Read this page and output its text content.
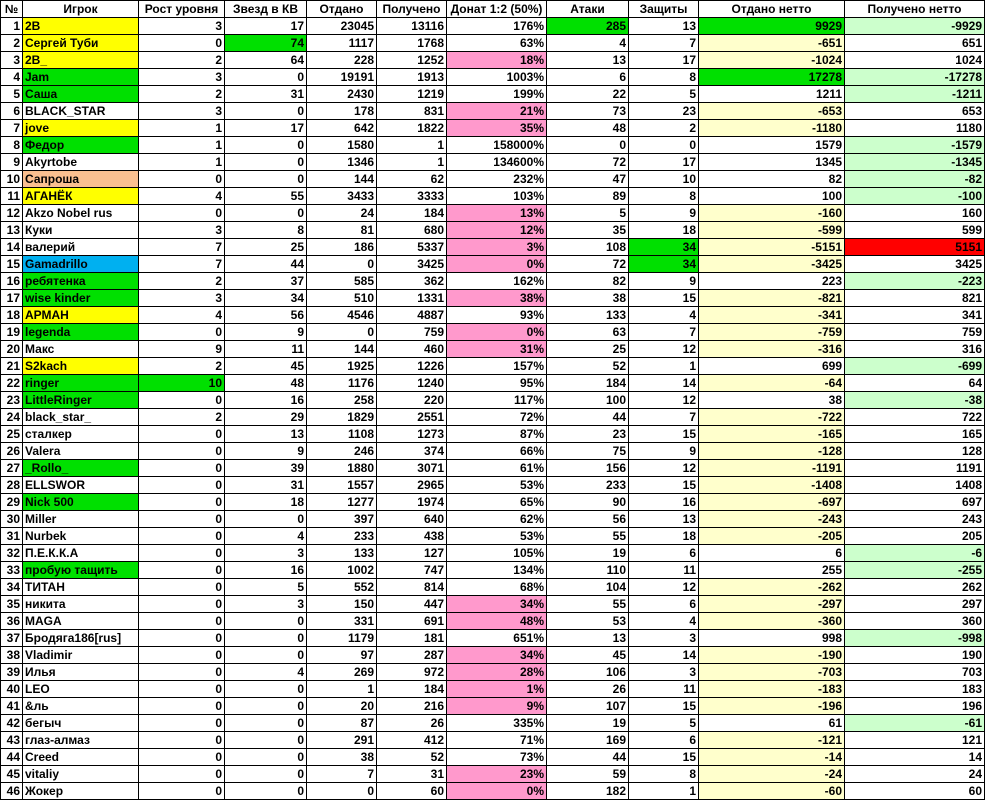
№	Игрок	Рост уровня	Звезд в КВ	Отдано	Получено	Донат 1:2 (50%)	Атаки	Защиты	Отдано нетто	Получено нетто
1	2B	3	17	23045	13116	176%	285	13	9929	-9929
2	Сергей Туби	0	74	1117	1768	63%	4	7	-651	651
3	2B_	2	64	228	1252	18%	13	17	-1024	1024
4	Jam	3	0	19191	1913	1003%	6	8	17278	-17278
5	Саша	2	31	2430	1219	199%	22	5	1211	-1211
6	BLACK_STAR	3	0	178	831	21%	73	23	-653	653
7	jove	1	17	642	1822	35%	48	2	-1180	1180
8	Федор	1	0	1580	1	158000%	0	0	1579	-1579
9	Akyrtobe	1	0	1346	1	134600%	72	17	1345	-1345
10	Сапроша	0	0	144	62	232%	47	10	82	-82
11	АГАНЁК	4	55	3433	3333	103%	89	8	100	-100
12	Akzo Nobel rus	0	0	24	184	13%	5	9	-160	160
13	Куки	3	8	81	680	12%	35	18	-599	599
14	валерий	7	25	186	5337	3%	108	34	-5151	5151
15	Gamadrillo	7	44	0	3425	0%	72	34	-3425	3425
16	ребятенка	2	37	585	362	162%	82	9	223	-223
17	wise kinder	3	34	510	1331	38%	38	15	-821	821
18	АРМАН	4	56	4546	4887	93%	133	4	-341	341
19	legenda	0	9	0	759	0%	63	7	-759	759
20	Макс	9	11	144	460	31%	25	12	-316	316
21	S2kach	2	45	1925	1226	157%	52	1	699	-699
22	ringer	10	48	1176	1240	95%	184	14	-64	64
23	LittleRinger	0	16	258	220	117%	100	12	38	-38
24	black_star_	2	29	1829	2551	72%	44	7	-722	722
25	сталкер	0	13	1108	1273	87%	23	15	-165	165
26	Valera	0	9	246	374	66%	75	9	-128	128
27	_Rollo_	0	39	1880	3071	61%	156	12	-1191	1191
28	ELLSWOR	0	31	1557	2965	53%	233	15	-1408	1408
29	Nick 500	0	18	1277	1974	65%	90	16	-697	697
30	Miller	0	0	397	640	62%	56	13	-243	243
31	Nurbek	0	4	233	438	53%	55	18	-205	205
32	П.Е.К.К.А	0	3	133	127	105%	19	6	6	-6
33	пробую тащить	0	16	1002	747	134%	110	11	255	-255
34	ТИТАН	0	5	552	814	68%	104	12	-262	262
35	никита	0	3	150	447	34%	55	6	-297	297
36	MAGA	0	0	331	691	48%	53	4	-360	360
37	Бродяга186[rus]	0	0	1179	181	651%	13	3	998	-998
38	Vladimir	0	0	97	287	34%	45	14	-190	190
39	Илья	0	4	269	972	28%	106	3	-703	703
40	LEO	0	0	1	184	1%	26	11	-183	183
41	&ль	0	0	20	216	9%	107	15	-196	196
42	бегыч	0	0	87	26	335%	19	5	61	-61
43	глаз-алмаз	0	0	291	412	71%	169	6	-121	121
44	Creed	0	0	38	52	73%	44	15	-14	14
45	vitaliy	0	0	7	31	23%	59	8	-24	24
46	Жокер	0	0	0	60	0%	182	1	-60	60
